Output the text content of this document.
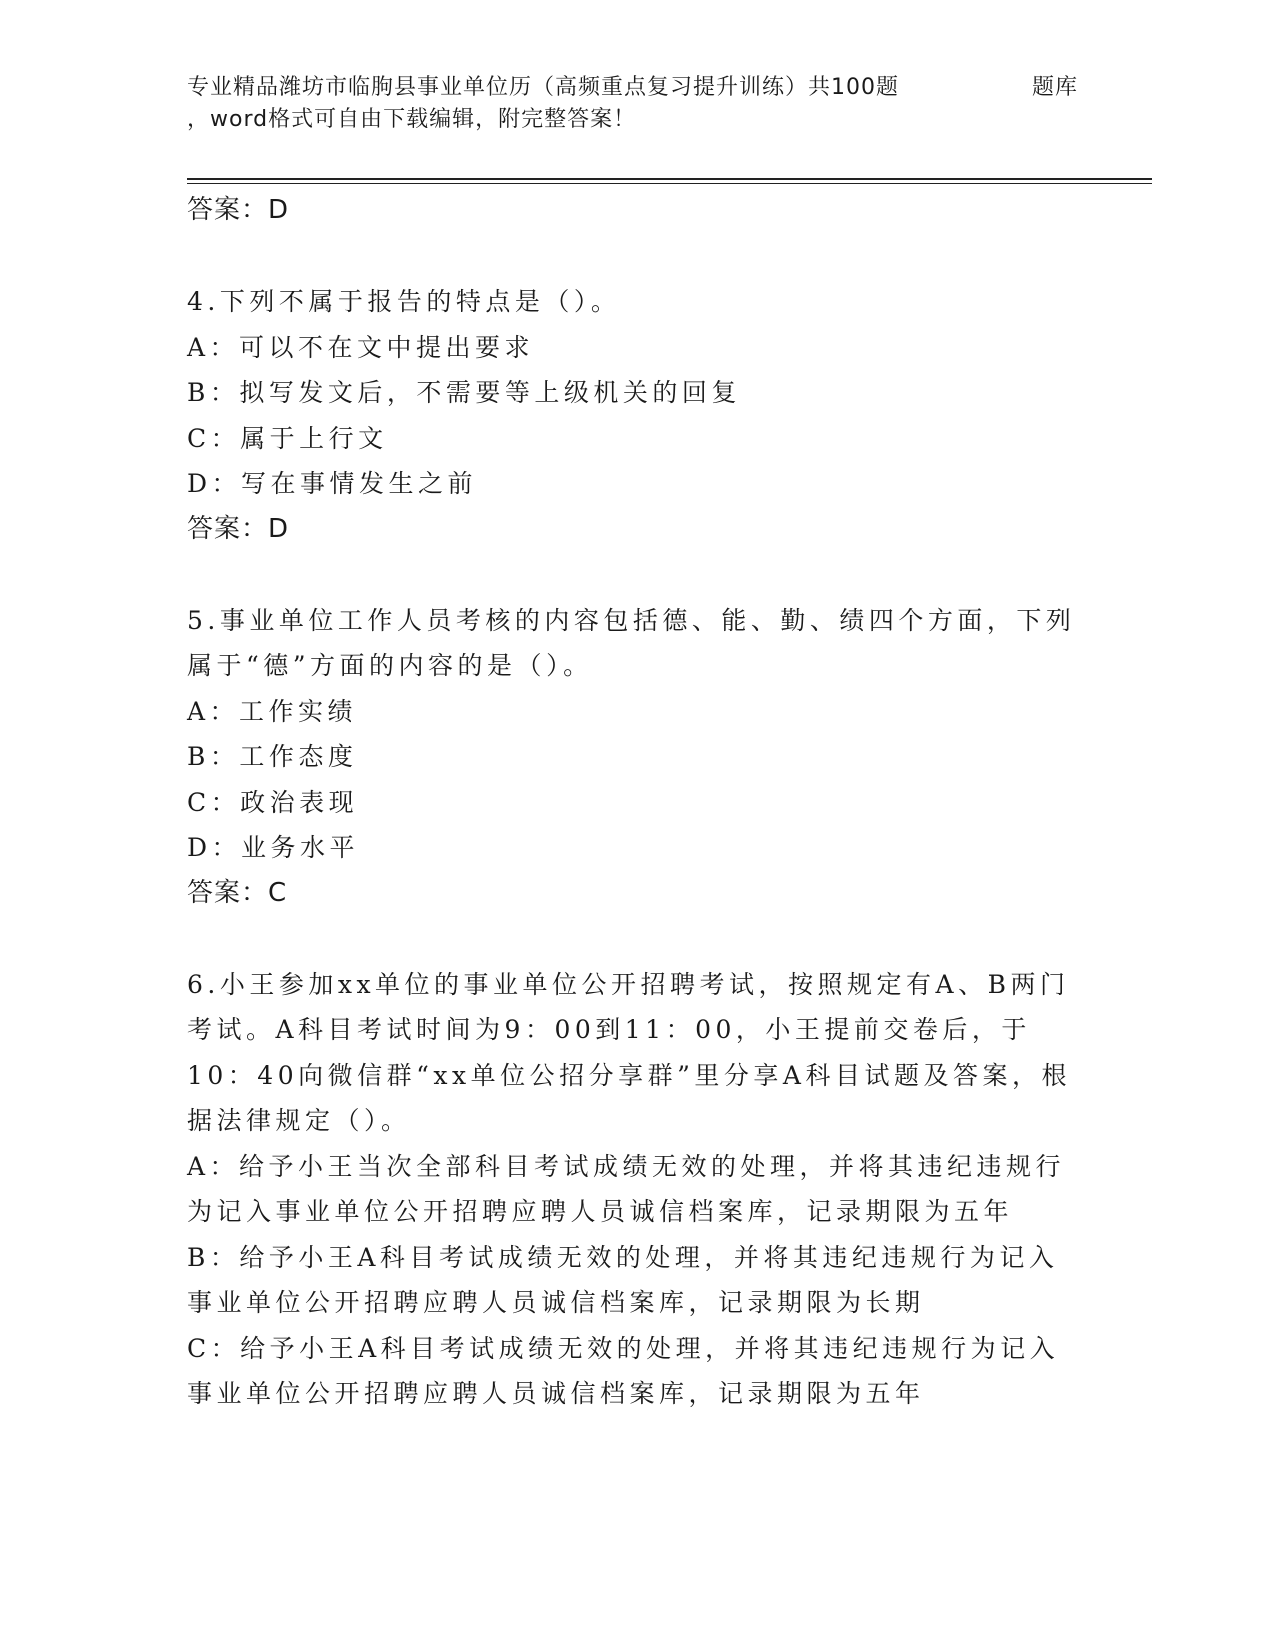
专业精品潍坊市临朐县事业单位历（高频重点复习提升训练）共100题	题库
，word格式可自由下载编辑，附完整答案！
答案：D
4.下列不属于报告的特点是（）。
A：可以不在文中提出要求
B：拟写发文后，不需要等上级机关的回复
C：属于上行文
D：写在事情发生之前
答案：D
5.事业单位工作人员考核的内容包括德、能、勤、绩四个方面，下列属于“德”方面的内容的是（）。
A：工作实绩
B：工作态度
C：政治表现
D：业务水平
答案：C
6.小王参加xx单位的事业单位公开招聘考试，按照规定有A、B两门考试。A科目考试时间为9：00到11：00，小王提前交卷后，于10：40向微信群“xx单位公招分享群”里分享A科目试题及答案，根据法律规定（）。
A：给予小王当次全部科目考试成绩无效的处理，并将其违纪违规行为记入事业单位公开招聘应聘人员诚信档案库，记录期限为五年
B：给予小王A科目考试成绩无效的处理，并将其违纪违规行为记入事业单位公开招聘应聘人员诚信档案库，记录期限为长期
C：给予小王A科目考试成绩无效的处理，并将其违纪违规行为记入事业单位公开招聘应聘人员诚信档案库，记录期限为五年
